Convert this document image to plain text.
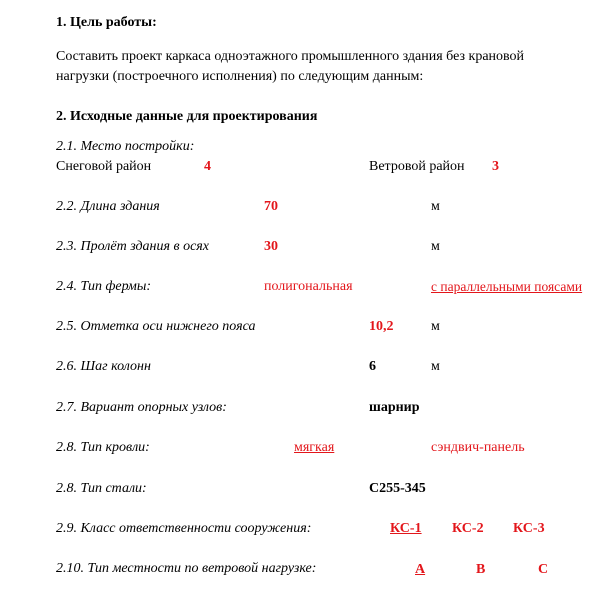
1. Цель работы:
Составить проект каркаса одноэтажного промышленного здания без крановой
нагрузки (построечного исполнения) по следующим данным:
2. Исходные данные для проектирования
2.1. Место постройки:
Снеговой район	4	Ветровой район 3
2.2. Длина здания	70	м
2.3. Пролёт здания в осях	30	м
2.4. Тип фермы:	полигональная	с параллельными поясами
2.5. Отметка оси нижнего пояса	10,2	м
2.6. Шаг колонн	6	м
2.7. Вариант опорных узлов:	шарнир
2.8. Тип кровли:	мягкая	сэндвич-панель
2.8. Тип стали:	С255-345
2.9. Класс ответственности сооружения:	КС-1 КС-2 КС-3
2.10. Тип местности по ветровой нагрузке:	А	В	С
